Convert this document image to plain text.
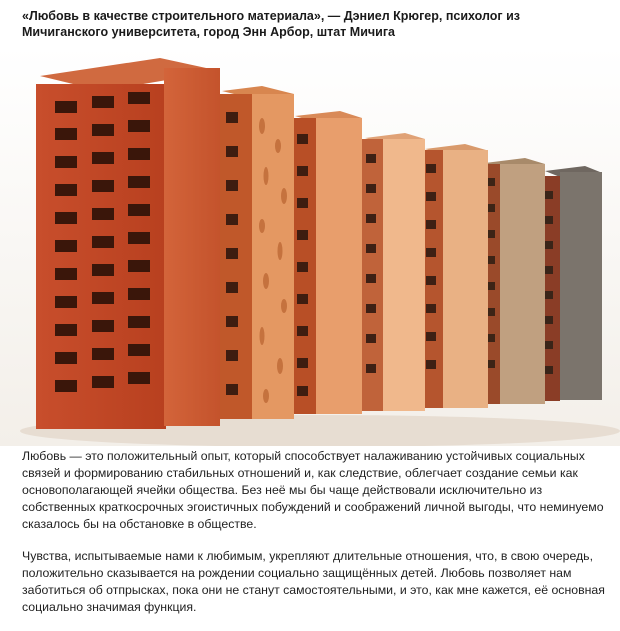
«Любовь в качестве строительного материала», — Дэниел Крюгер, психолог из Мичиганского университета, город Энн Арбор, штат Мичига

Любовь — это положительный опыт, который способствует налаживанию устойчивых социальных связей и формированию стабильных отношений и, как следствие, облегчает создание семьи как основополагающей ячейки общества. Без неё мы бы чаще действовали исключительно из собственных краткосрочных эгоистичных побуждений и соображений личной выгоды, что неминуемо сказалось бы на обстановке в обществе.

Чувства, испытываемые нами к любимым, укрепляют длительные отношения, что, в свою очередь, положительно сказывается на рождении социально защищённых детей. Любовь позволяет нам заботиться об отпрысках, пока они не станут самостоятельными, и это, как мне кажется, её основная социально значимая функция.
